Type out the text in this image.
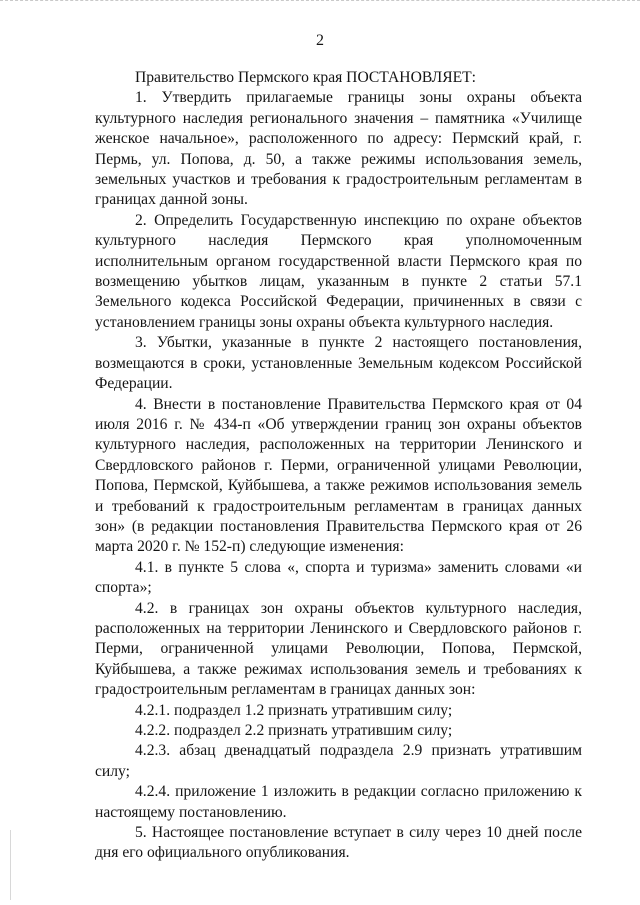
2

Правительство Пермского края ПОСТАНОВЛЯЕТ:

1. Утвердить прилагаемые границы зоны охраны объекта культурного наследия регионального значения – памятника «Училище женское начальное», расположенного по адресу: Пермский край, г. Пермь, ул. Попова, д. 50, а также режимы использования земель, земельных участков и требования к градостроительным регламентам в границах данной зоны.

2. Определить Государственную инспекцию по охране объектов культурного наследия Пермского края уполномоченным исполнительным органом государственной власти Пермского края по возмещению убытков лицам, указанным в пункте 2 статьи 57.1 Земельного кодекса Российской Федерации, причиненных в связи с установлением границы зоны охраны объекта культурного наследия.

3. Убытки, указанные в пункте 2 настоящего постановления, возмещаются в сроки, установленные Земельным кодексом Российской Федерации.

4. Внести в постановление Правительства Пермского края от 04 июля 2016 г. № 434-п «Об утверждении границ зон охраны объектов культурного наследия, расположенных на территории Ленинского и Свердловского районов г. Перми, ограниченной улицами Революции, Попова, Пермской, Куйбышева, а также режимов использования земель и требований к градостроительным регламентам в границах данных зон» (в редакции постановления Правительства Пермского края от 26 марта 2020 г. № 152-п) следующие изменения:

4.1. в пункте 5 слова «, спорта и туризма» заменить словами «и спорта»;

4.2. в границах зон охраны объектов культурного наследия, расположенных на территории Ленинского и Свердловского районов г. Перми, ограниченной улицами Революции, Попова, Пермской, Куйбышева, а также режимах использования земель и требованиях к градостроительным регламентам в границах данных зон:

4.2.1. подраздел 1.2 признать утратившим силу;

4.2.2. подраздел 2.2 признать утратившим силу;

4.2.3. абзац двенадцатый подраздела 2.9 признать утратившим силу;

4.2.4. приложение 1 изложить в редакции согласно приложению к настоящему постановлению.

5. Настоящее постановление вступает в силу через 10 дней после дня его официального опубликования.
